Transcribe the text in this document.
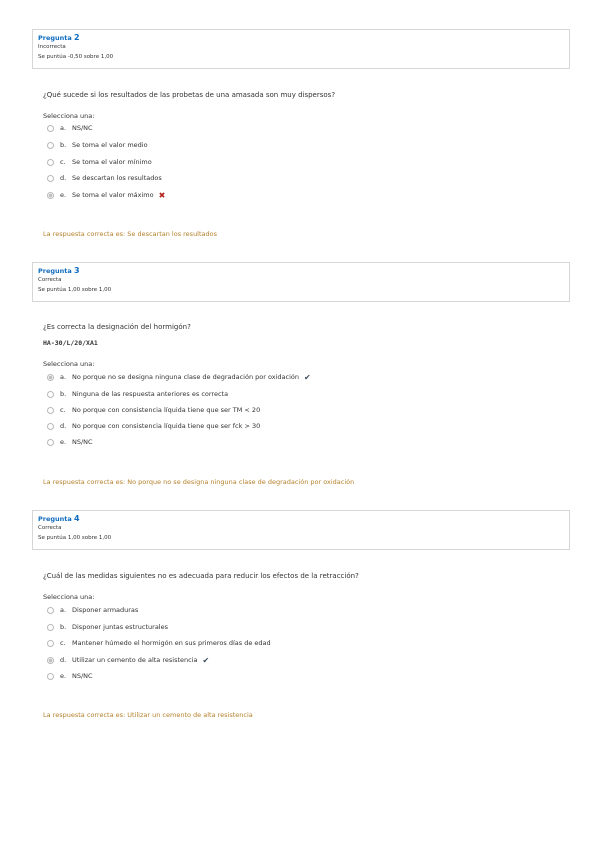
Pregunta 2
Incorrecta
Se puntúa -0,50 sobre 1,00
¿Qué sucede si los resultados de las probetas de una amasada son muy dispersos?
Selecciona una:
a. NS/NC
b. Se toma el valor medio
c. Se toma el valor mínimo
d. Se descartan los resultados
e. Se toma el valor máximo ✖
La respuesta correcta es: Se descartan los resultados
Pregunta 3
Correcta
Se puntúa 1,00 sobre 1,00
¿Es correcta la designación del hormigón?
HA-30/L/20/XA1
Selecciona una:
a. No porque no se designa ninguna clase de degradación por oxidación ✔
b. Ninguna de las respuesta anteriores es correcta
c. No porque con consistencia líquida tiene que ser TM < 20
d. No porque con consistencia líquida tiene que ser fck > 30
e. NS/NC
La respuesta correcta es: No porque no se designa ninguna clase de degradación por oxidación
Pregunta 4
Correcta
Se puntúa 1,00 sobre 1,00
¿Cuál de las medidas siguientes no es adecuada para reducir los efectos de la retracción?
Selecciona una:
a. Disponer armaduras
b. Disponer juntas estructurales
c. Mantener húmedo el hormigón en sus primeros días de edad
d. Utilizar un cemento de alta resistencia ✔
e. NS/NC
La respuesta correcta es: Utilizar un cemento de alta resistencia
